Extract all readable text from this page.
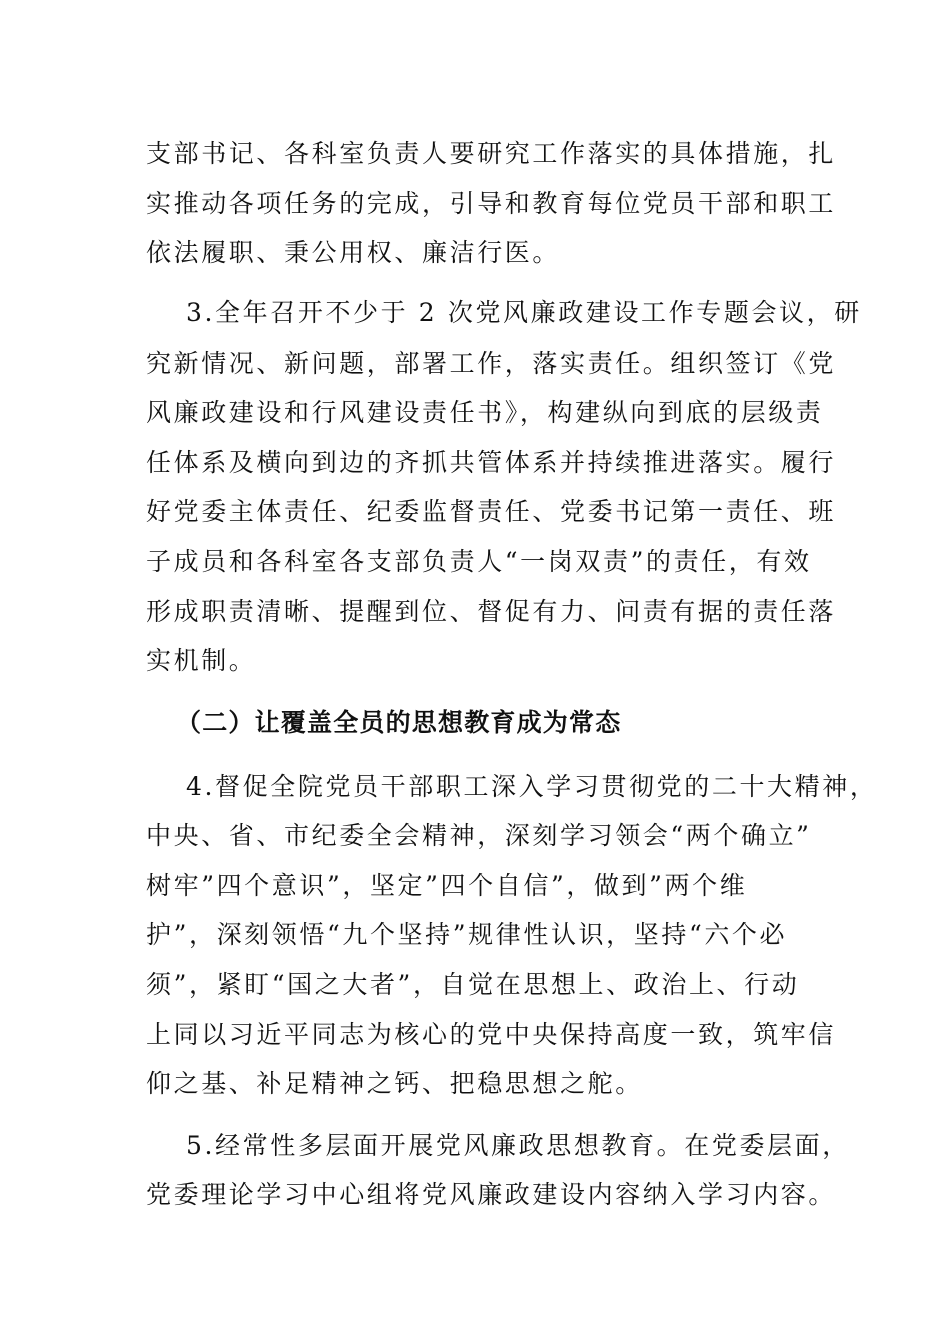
支部书记、各科室负责人要研究工作落实的具体措施，扎
实推动各项任务的完成，引导和教育每位党员干部和职工
依法履职、秉公用权、廉洁行医。
3.全年召开不少于 2 次党风廉政建设工作专题会议，研
究新情况、新问题，部署工作，落实责任。组织签订《党
风廉政建设和行风建设责任书》，构建纵向到底的层级责
任体系及横向到边的齐抓共管体系并持续推进落实。履行
好党委主体责任、纪委监督责任、党委书记第一责任、班
子成员和各科室各支部负责人“一岗双责”的责任，有效
形成职责清晰、提醒到位、督促有力、问责有据的责任落
实机制。
（二）让覆盖全员的思想教育成为常态
4.督促全院党员干部职工深入学习贯彻党的二十大精神，
中央、省、市纪委全会精神，深刻学习领会“两个确立”
树牢”四个意识”，坚定”四个自信”，做到”两个维
护”，深刻领悟“九个坚持”规律性认识，坚持“六个必
须”，紧盯“国之大者”，自觉在思想上、政治上、行动
上同以习近平同志为核心的党中央保持高度一致，筑牢信
仰之基、补足精神之钙、把稳思想之舵。
5.经常性多层面开展党风廉政思想教育。在党委层面，
党委理论学习中心组将党风廉政建设内容纳入学习内容。
